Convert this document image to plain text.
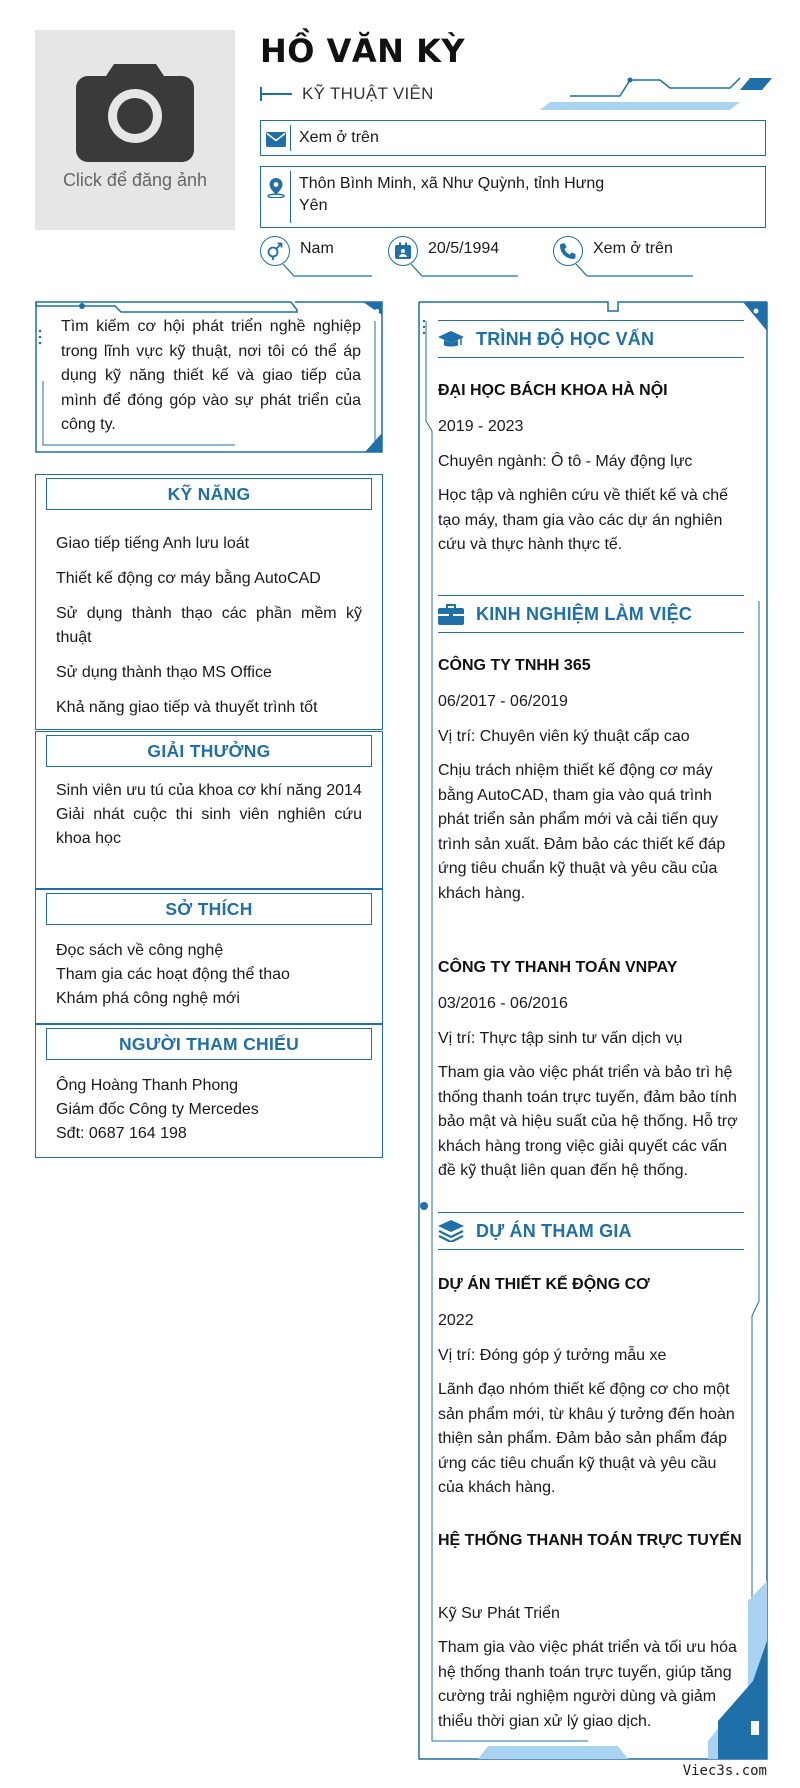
Click để đăng ảnh
HỒ VĂN KỲ
KỸ THUẬT VIÊN
Xem ở trên
Thôn Bình Minh, xã Như Quỳnh, tỉnh Hưng Yên
Nam	20/5/1994	Xem ở trên
Tìm kiếm cơ hội phát triển nghề nghiệp trong lĩnh vực kỹ thuật, nơi tôi có thể áp dụng kỹ năng thiết kế và giao tiếp của mình để đóng góp vào sự phát triển của công ty.
KỸ NĂNG
Giao tiếp tiếng Anh lưu loát
Thiết kế động cơ máy bằng AutoCAD
Sử dụng thành thạo các phần mềm kỹ thuật
Sử dụng thành thạo MS Office
Khả năng giao tiếp và thuyết trình tốt
GIẢI THƯỞNG
Sinh viên ưu tú của khoa cơ khí năng 2014
Giải nhát cuộc thi sinh viên nghiên cứu khoa học
SỞ THÍCH
Đọc sách về công nghệ
Tham gia các hoạt động thể thao
Khám phá công nghệ mới
NGƯỜI THAM CHIẾU
Ông Hoàng Thanh Phong
Giám đốc Công ty Mercedes
Sđt: 0687 164 198
TRÌNH ĐỘ HỌC VẤN
ĐẠI HỌC BÁCH KHOA HÀ NỘI
2019 - 2023
Chuyên ngành: Ô tô - Máy động lực
Học tập và nghiên cứu về thiết kế và chế tạo máy, tham gia vào các dự án nghiên cứu và thực hành thực tế.
KINH NGHIỆM LÀM VIỆC
CÔNG TY TNHH 365
06/2017 - 06/2019
Vị trí: Chuyên viên ký thuật cấp cao
Chịu trách nhiệm thiết kế động cơ máy bằng AutoCAD, tham gia vào quá trình phát triển sản phẩm mới và cải tiến quy trình sản xuất. Đảm bảo các thiết kế đáp ứng tiêu chuẩn kỹ thuật và yêu cầu của khách hàng.
CÔNG TY THANH TOÁN VNPAY
03/2016 - 06/2016
Vị trí: Thực tập sinh tư vấn dịch vụ
Tham gia vào việc phát triển và bảo trì hệ thống thanh toán trực tuyến, đảm bảo tính bảo mật và hiệu suất của hệ thống. Hỗ trợ khách hàng trong việc giải quyết các vấn đề kỹ thuật liên quan đến hệ thống.
DỰ ÁN THAM GIA
DỰ ÁN THIẾT KẾ ĐỘNG CƠ
2022
Vị trí: Đóng góp ý tưởng mẫu xe
Lãnh đạo nhóm thiết kế động cơ cho một sản phẩm mới, từ khâu ý tưởng đến hoàn thiện sản phẩm. Đảm bảo sản phẩm đáp ứng các tiêu chuẩn kỹ thuật và yêu cầu của khách hàng.
HỆ THỐNG THANH TOÁN TRỰC TUYẾN
Kỹ Sư Phát Triển
Tham gia vào việc phát triển và tối ưu hóa hệ thống thanh toán trực tuyến, giúp tăng cường trải nghiệm người dùng và giảm thiểu thời gian xử lý giao dịch.
Viec3s.com
